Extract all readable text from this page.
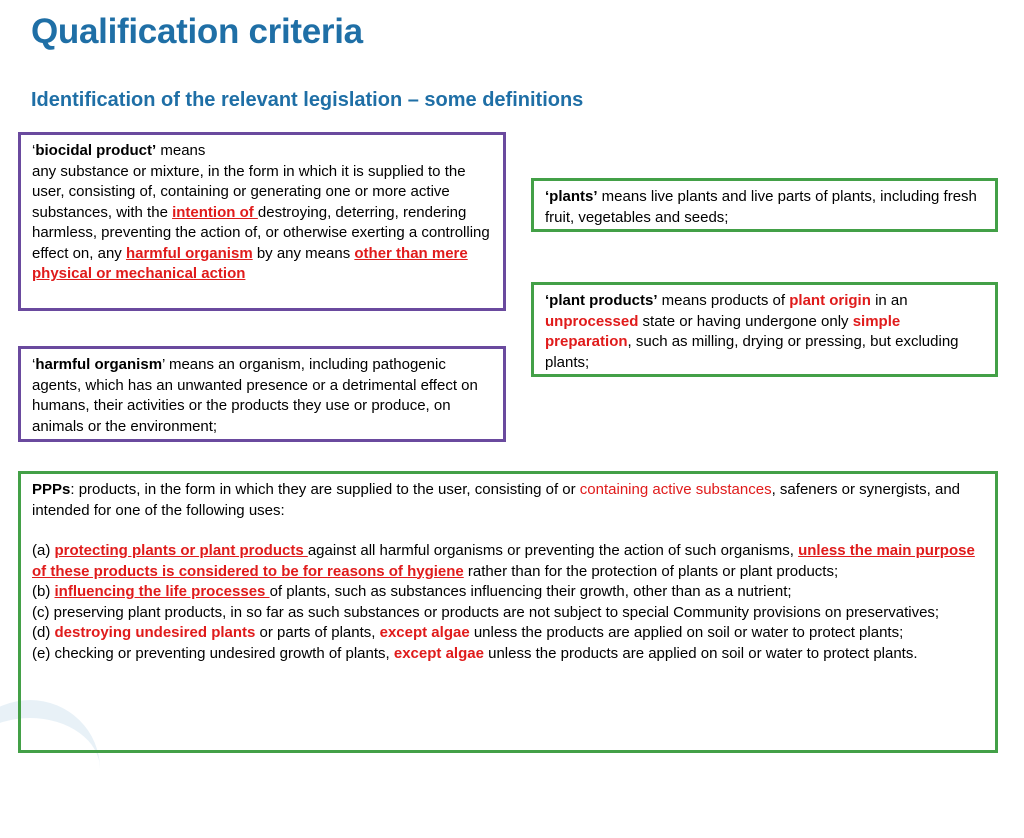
Qualification criteria
Identification of the relevant legislation – some definitions
‘biocidal product’ means
any substance or mixture, in the form in which it is supplied to the user, consisting of, containing or generating one or more active substances, with the intention of destroying, deterring, rendering harmless, preventing the action of, or otherwise exerting a controlling effect on, any harmful organism by any means other than mere physical or mechanical action
‘harmful organism’ means an organism, including pathogenic agents, which has an unwanted presence or a detrimental effect on humans, their activities or the products they use or produce, on animals or the environment;
‘plants’ means live plants and live parts of plants, including fresh fruit, vegetables and seeds;
‘plant products’ means products of plant origin in an unprocessed state or having undergone only simple preparation, such as milling, drying or pressing, but excluding plants;
PPPs: products, in the form in which they are supplied to the user, consisting of or containing active substances, safeners or synergists, and intended for one of the following uses:
(a) protecting plants or plant products against all harmful organisms or preventing the action of such organisms, unless the main purpose of these products is considered to be for reasons of hygiene rather than for the protection of plants or plant products;
(b) influencing the life processes of plants, such as substances influencing their growth, other than as a nutrient;
(c) preserving plant products, in so far as such substances or products are not subject to special Community provisions on preservatives;
(d) destroying undesired plants or parts of plants, except algae unless the products are applied on soil or water to protect plants;
(e) checking or preventing undesired growth of plants, except algae unless the products are applied on soil or water to protect plants.
